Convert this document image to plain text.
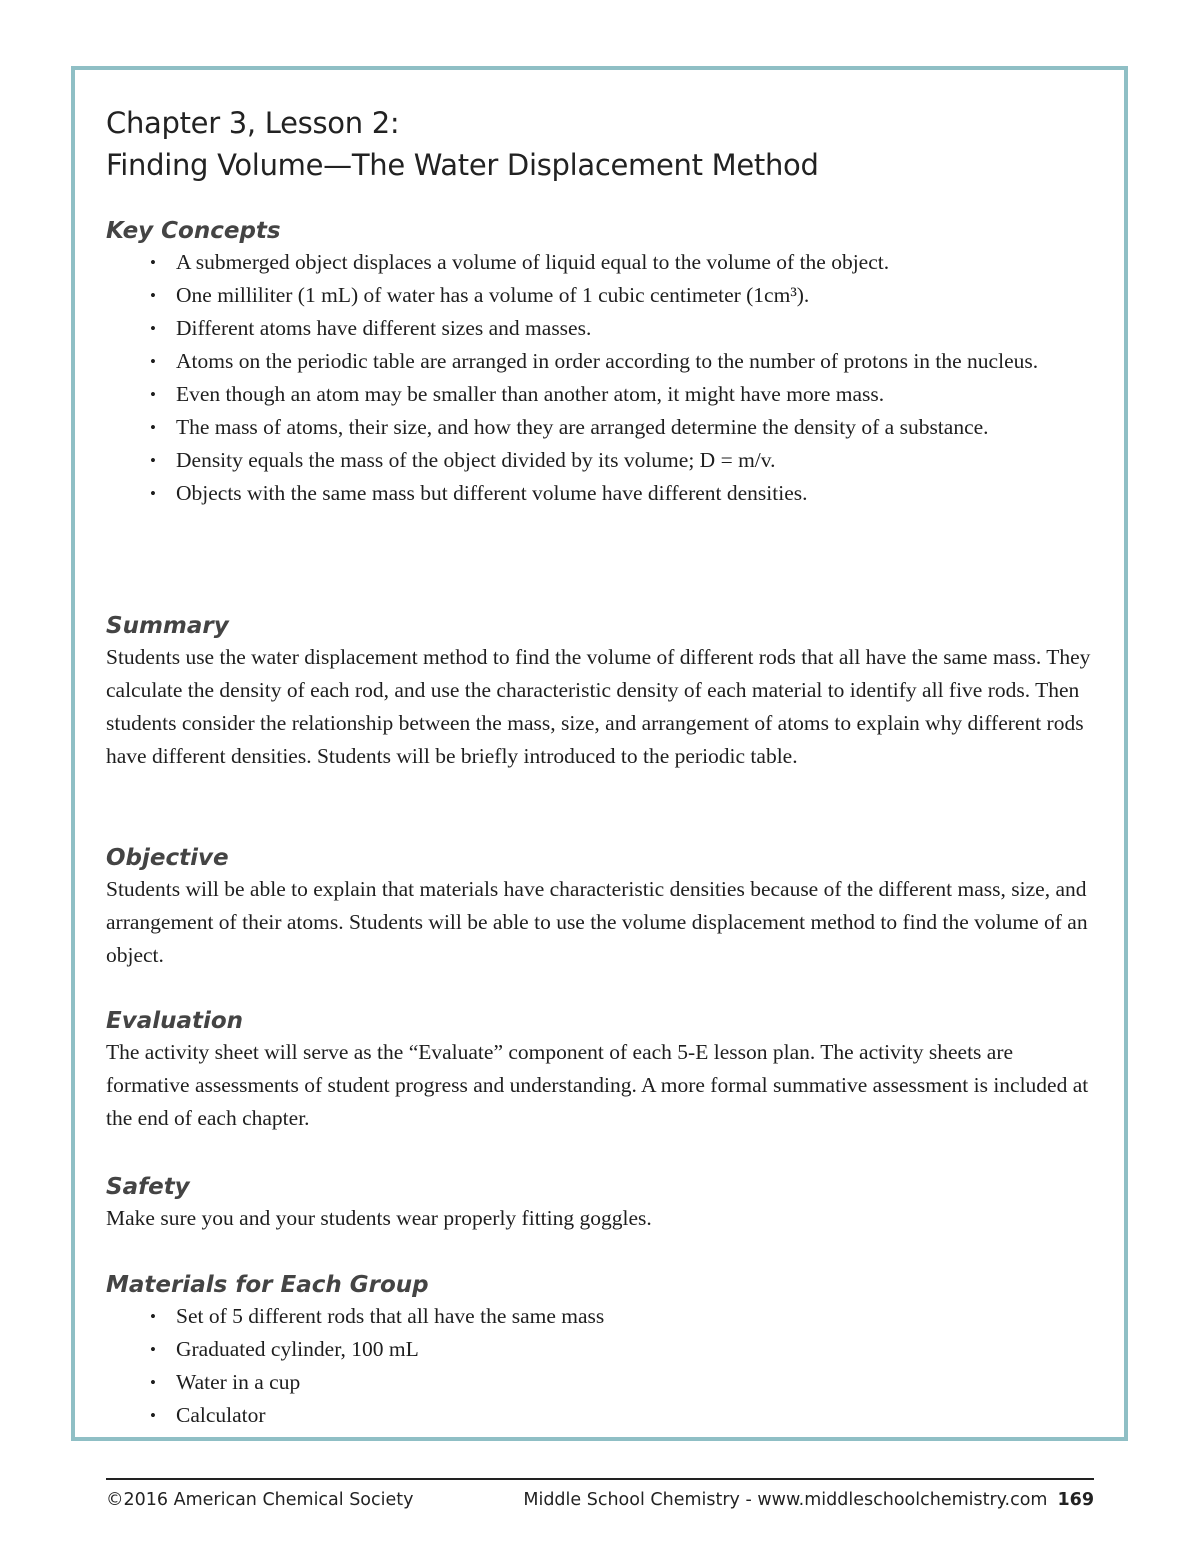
Chapter 3, Lesson 2:
Finding Volume—The Water Displacement Method
Key Concepts
• A submerged object displaces a volume of liquid equal to the volume of the object.
• One milliliter (1 mL) of water has a volume of 1 cubic centimeter (1cm³).
• Different atoms have different sizes and masses.
• Atoms on the periodic table are arranged in order according to the number of protons in the nucleus.
• Even though an atom may be smaller than another atom, it might have more mass.
• The mass of atoms, their size, and how they are arranged determine the density of a substance.
• Density equals the mass of the object divided by its volume; D = m/v.
• Objects with the same mass but different volume have different densities.
Summary

Students use the water displacement method to find the volume of different rods that all have the same mass. They calculate the density of each rod, and use the characteristic density of each material to identify all five rods. Then students consider the relationship between the mass, size, and arrangement of atoms to explain why different rods have different densities. Students will be briefly introduced to the periodic table.

Objective

Students will be able to explain that materials have characteristic densities because of the different mass, size, and arrangement of their atoms. Students will be able to use the volume displacement method to find the volume of an object.

Evaluation

The activity sheet will serve as the “Evaluate” component of each 5-E lesson plan. The activity sheets are formative assessments of student progress and understanding. A more formal summative assessment is included at the end of each chapter.

Safety

Make sure you and your students wear properly fitting goggles.

Materials for Each Group
• Set of 5 different rods that all have the same mass
• Graduated cylinder, 100 mL
• Water in a cup
• Calculator
©2016 American Chemical Society	Middle School Chemistry - www.middleschoolchemistry.com 169
